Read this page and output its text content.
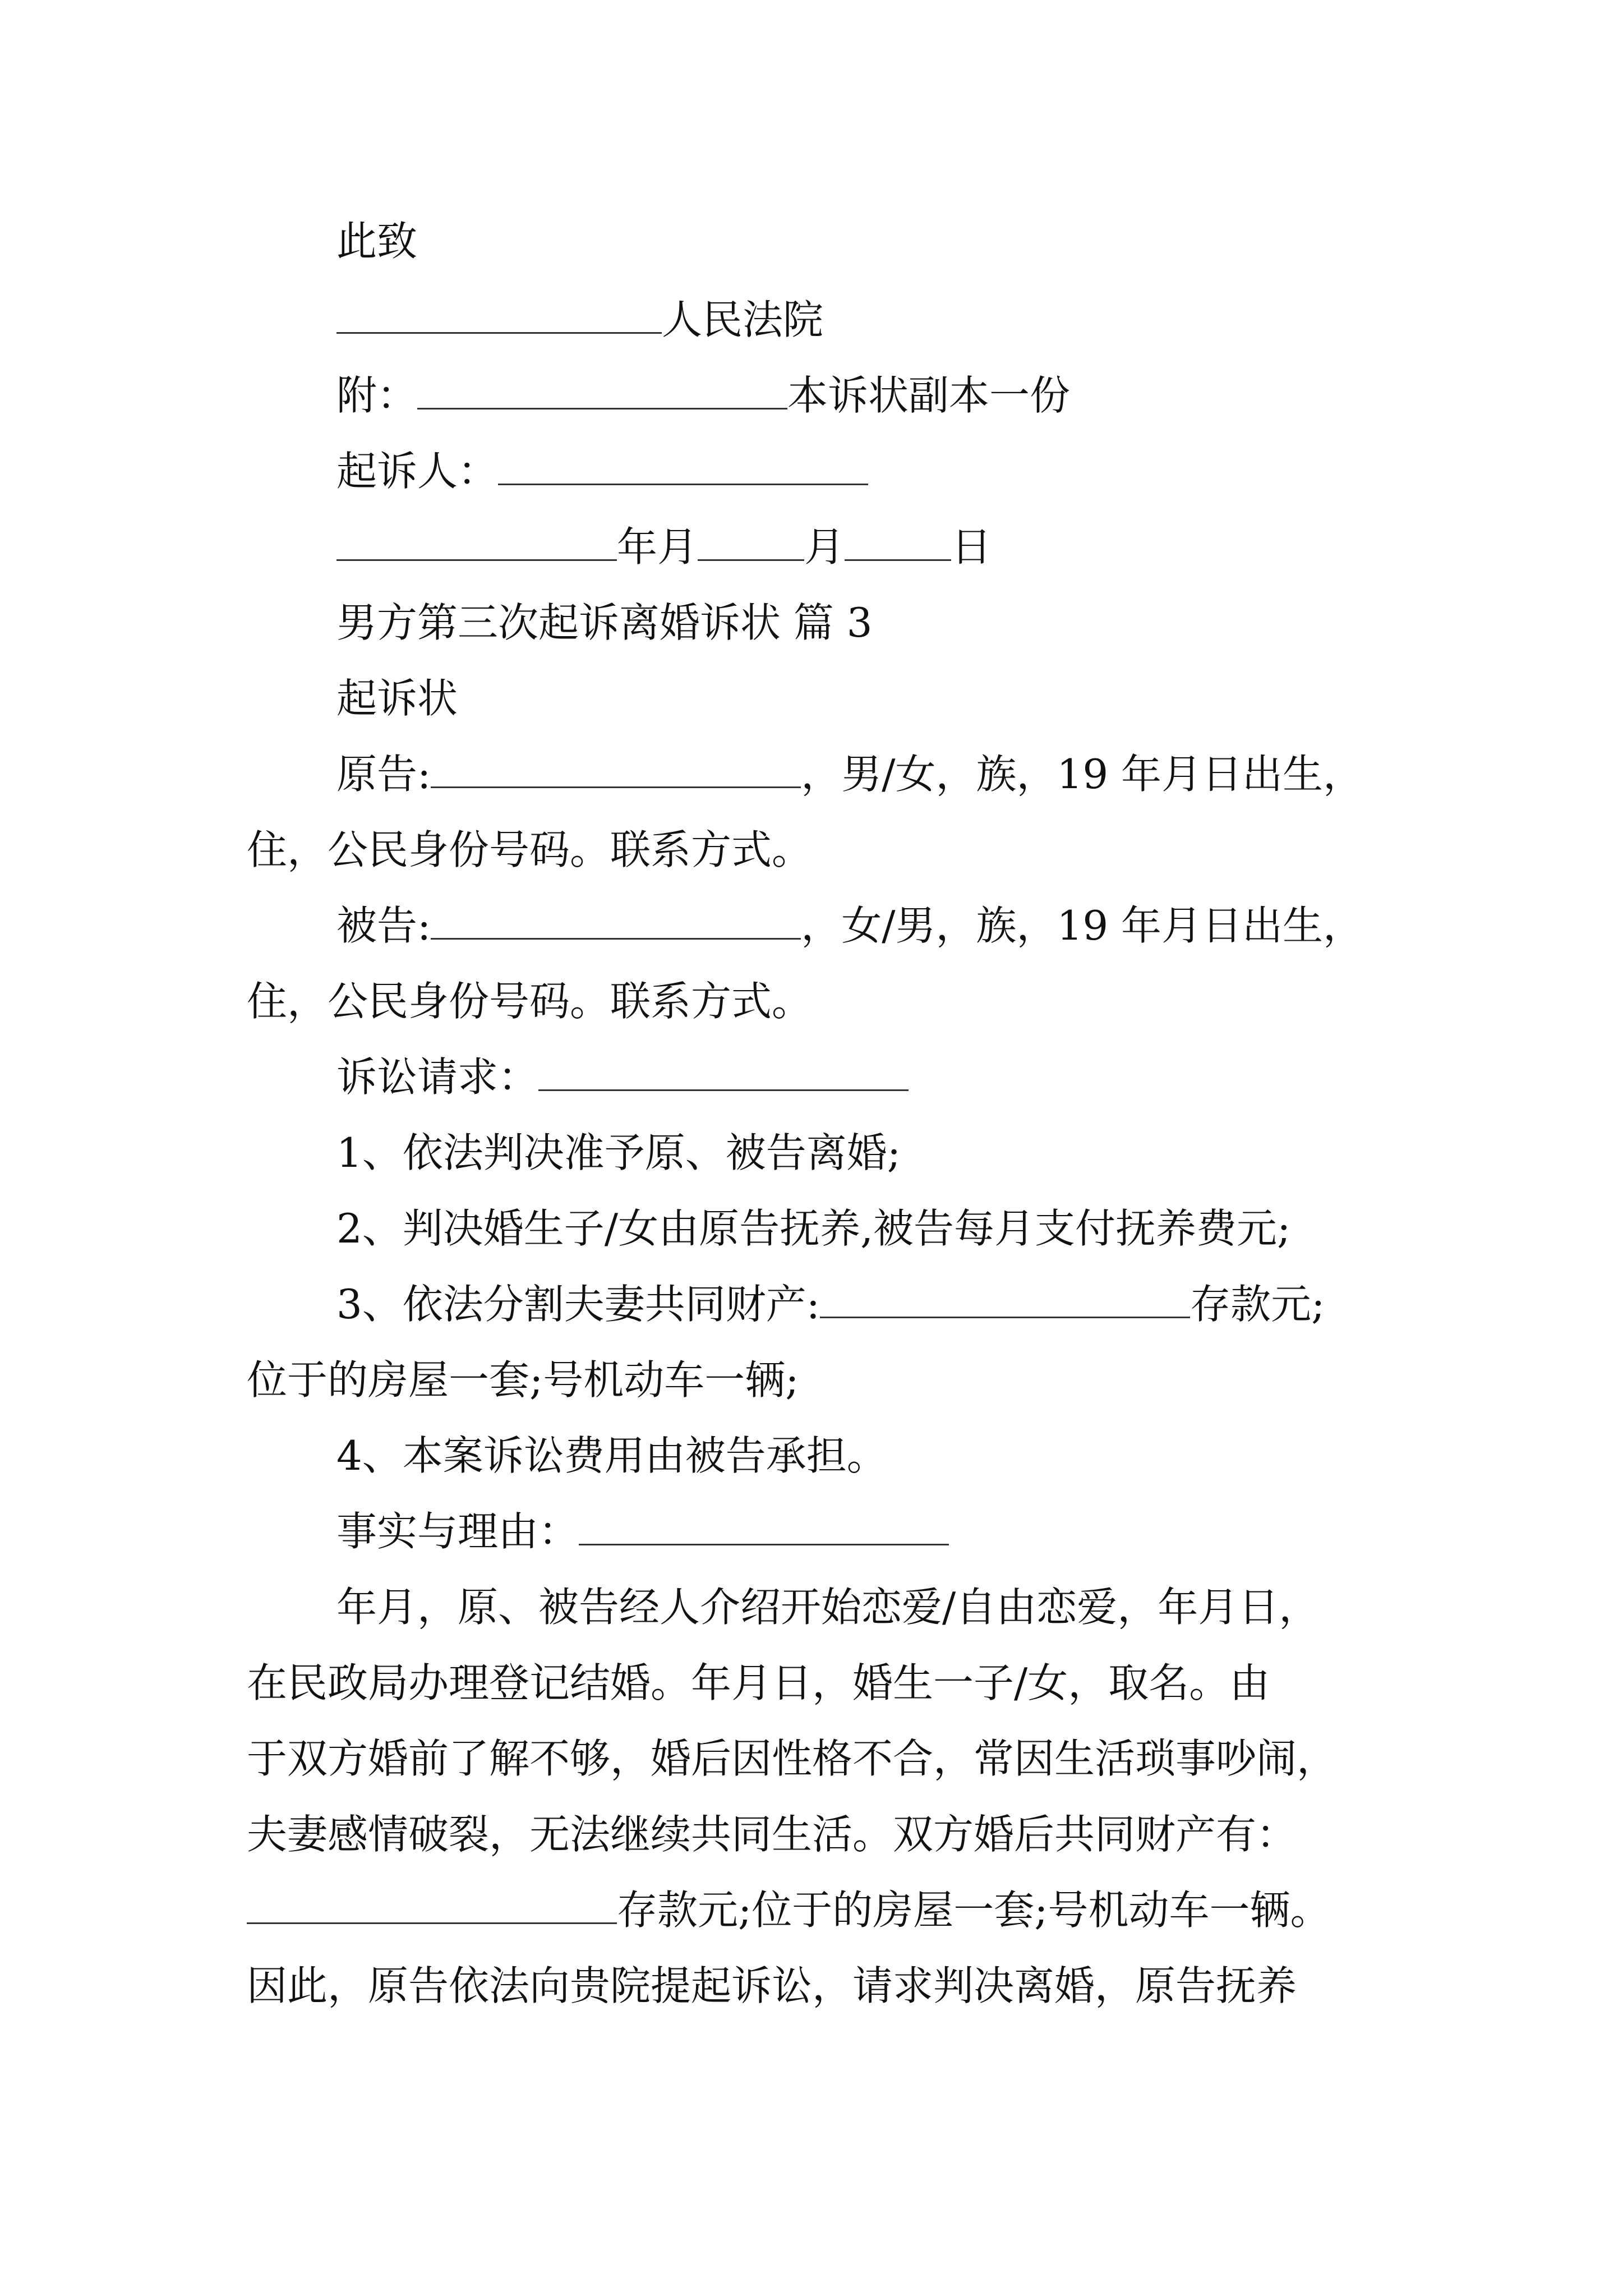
此致
人民法院
附：	本诉状副本一份
起诉人：
年月	月	日
男方第三次起诉离婚诉状 篇 3
起诉状
原告:	，男/女，族，19 年月日出生，
住，公民身份号码。联系方式。
被告:	，女/男，族，19 年月日出生，
住，公民身份号码。联系方式。
诉讼请求：
1、依法判决准予原、被告离婚;
2、判决婚生子/女由原告抚养,被告每月支付抚养费元;
3、依法分割夫妻共同财产:	存款元;
位于的房屋一套;号机动车一辆;
4、本案诉讼费用由被告承担。
事实与理由：
年月，原、被告经人介绍开始恋爱/自由恋爱，年月日，
在民政局办理登记结婚。年月日，婚生一子/女，取名。由
于双方婚前了解不够，婚后因性格不合，常因生活琐事吵闹，
夫妻感情破裂，无法继续共同生活。双方婚后共同财产有：
存款元;位于的房屋一套;号机动车一辆。
因此，原告依法向贵院提起诉讼，请求判决离婚，原告抚养
